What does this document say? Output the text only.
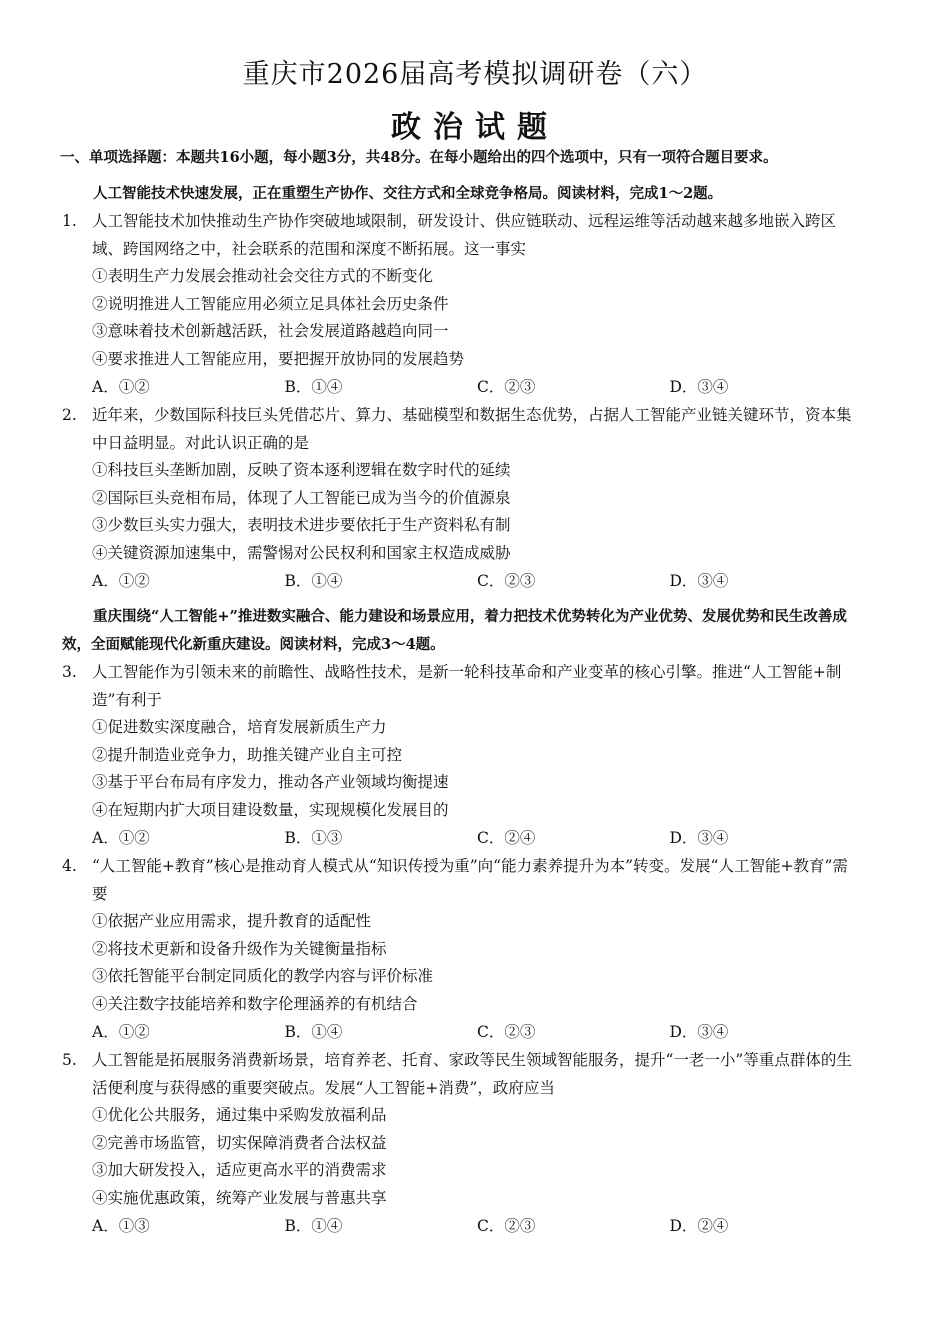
重庆市2026届高考模拟调研卷（六）
政治试题
一、单项选择题：本题共16小题，每小题3分，共48分。在每小题给出的四个选项中，只有一项符合题目要求。
人工智能技术快速发展，正在重塑生产协作、交往方式和全球竞争格局。阅读材料，完成1～2题。
1. 人工智能技术加快推动生产协作突破地域限制，研发设计、供应链联动、远程运维等活动越来越多地嵌入跨区域、跨国网络之中，社会联系的范围和深度不断拓展。这一事实
①表明生产力发展会推动社会交往方式的不断变化
②说明推进人工智能应用必须立足具体社会历史条件
③意味着技术创新越活跃，社会发展道路越趋向同一
④要求推进人工智能应用，要把握开放协同的发展趋势
A．①②	B．①④	C．②③	D．③④
2. 近年来，少数国际科技巨头凭借芯片、算力、基础模型和数据生态优势，占据人工智能产业链关键环节，资本集中日益明显。对此认识正确的是
①科技巨头垄断加剧，反映了资本逐利逻辑在数字时代的延续
②国际巨头竞相布局，体现了人工智能已成为当今的价值源泉
③少数巨头实力强大，表明技术进步要依托于生产资料私有制
④关键资源加速集中，需警惕对公民权利和国家主权造成威胁
A．①②	B．①④	C．②③	D．③④
重庆围绕“人工智能+”推进数实融合、能力建设和场景应用，着力把技术优势转化为产业优势、发展优势和民生改善成效，全面赋能现代化新重庆建设。阅读材料，完成3～4题。
3. 人工智能作为引领未来的前瞻性、战略性技术，是新一轮科技革命和产业变革的核心引擎。推进“人工智能+制造”有利于
①促进数实深度融合，培育发展新质生产力
②提升制造业竞争力，助推关键产业自主可控
③基于平台布局有序发力，推动各产业领域均衡提速
④在短期内扩大项目建设数量，实现规模化发展目的
A．①②	B．①③	C．②④	D．③④
4. “人工智能+教育”核心是推动育人模式从“知识传授为重”向“能力素养提升为本”转变。发展“人工智能+教育”需要
①依据产业应用需求，提升教育的适配性
②将技术更新和设备升级作为关键衡量指标
③依托智能平台制定同质化的教学内容与评价标准
④关注数字技能培养和数字伦理涵养的有机结合
A．①②	B．①④	C．②③	D．③④
5. 人工智能是拓展服务消费新场景，培育养老、托育、家政等民生领域智能服务，提升“一老一小”等重点群体的生活便利度与获得感的重要突破点。发展“人工智能+消费”，政府应当
①优化公共服务，通过集中采购发放福利品
②完善市场监管，切实保障消费者合法权益
③加大研发投入，适应更高水平的消费需求
④实施优惠政策，统筹产业发展与普惠共享
A．①③	B．①④	C．②③	D．②④
